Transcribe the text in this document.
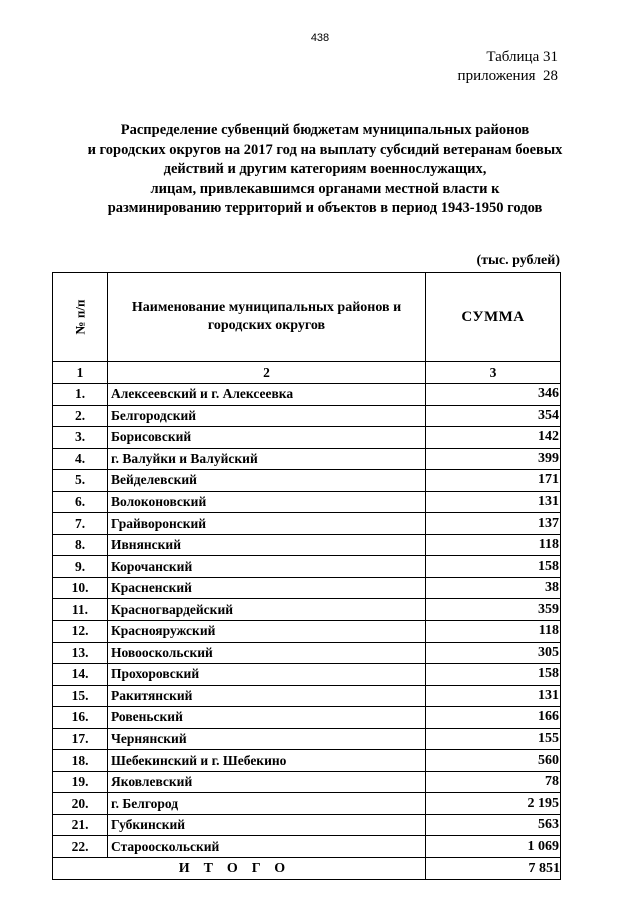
438
Таблица 31
приложения  28
Распределение субвенций бюджетам муниципальных районов
и городских округов на 2017 год на выплату субсидий ветеранам боевых
действий и другим категориям военнослужащих,
лицам, привлекавшимся органами местной власти к
разминированию территорий и объектов в период 1943-1950 годов
(тыс. рублей)
№ п/п	Наименование муниципальных районов и городских округов	СУММА
1	2	3
1.	Алексеевский и г. Алексеевка	346
2.	Белгородский	354
3.	Борисовский	142
4.	г. Валуйки и Валуйский	399
5.	Вейделевский	171
6.	Волоконовский	131
7.	Грайворонский	137
8.	Ивнянский	118
9.	Корочанский	158
10.	Красненский	38
11.	Красногвардейский	359
12.	Краснояружский	118
13.	Новооскольский	305
14.	Прохоровский	158
15.	Ракитянский	131
16.	Ровеньский	166
17.	Чернянский	155
18.	Шебекинский и г. Шебекино	560
19.	Яковлевский	78
20.	г. Белгород	2 195
21.	Губкинский	563
22.	Старооскольский	1 069
ИТОГО		7 851
